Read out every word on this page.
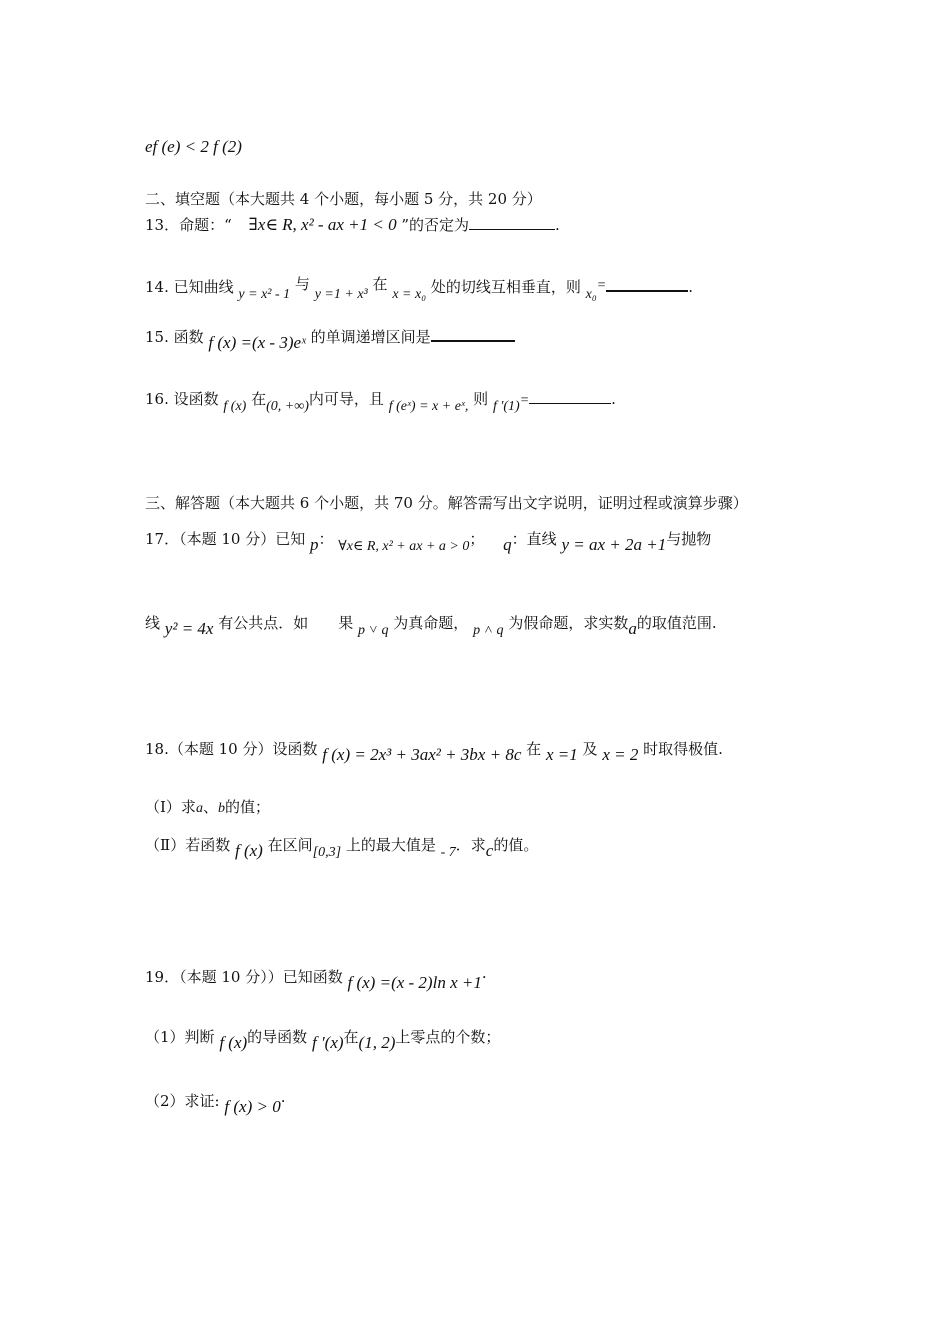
ef (e) < 2 f (2)
二、填空题（本大题共 4 个小题，每小题 5 分，共 20 分）
13．命题：“ ∃x∈ R, x² - ax +1 < 0 ”的否定为	.
14. 已知曲线 y = x² - 1 与 y =1 + x³ 在 x = x₀ 处的切线互相垂直，则 x₀=	.
15. 函数 f (x) =(x - 3)eˣ 的单调递增区间是
16. 设函数 f (x) 在(0, +∞)内可导，且 f (eˣ) = x + eˣ, 则 f ′(1)=	.
三、解答题（本大题共 6 个小题，共 70 分。解答需写出文字说明，证明过程或演算步骤）
17．（本题 10 分）已知 p： ∀x∈ R, x² + ax + a > 0； q：直线 y = ax + 2a +1与抛物
线 y² = 4x 有公共点．如　　果 p ˅ q 为真命题， p ˄ q 为假命题，求实数a的取值范围.
18.（本题 10 分）设函数 f (x) = 2x³ + 3ax² + 3bx + 8c 在 x =1 及 x = 2 时取得极值.
（Ⅰ）求a、b的值；
（Ⅱ）若函数 f (x) 在区间[0,3] 上的最大值是 - 7．求c的值。
19．（本题 10 分））已知函数 f (x) =(x - 2)ln x +1·
（1）判断 f (x)的导函数 f ′(x)在(1, 2)上零点的个数；
（2）求证: f (x) > 0·
